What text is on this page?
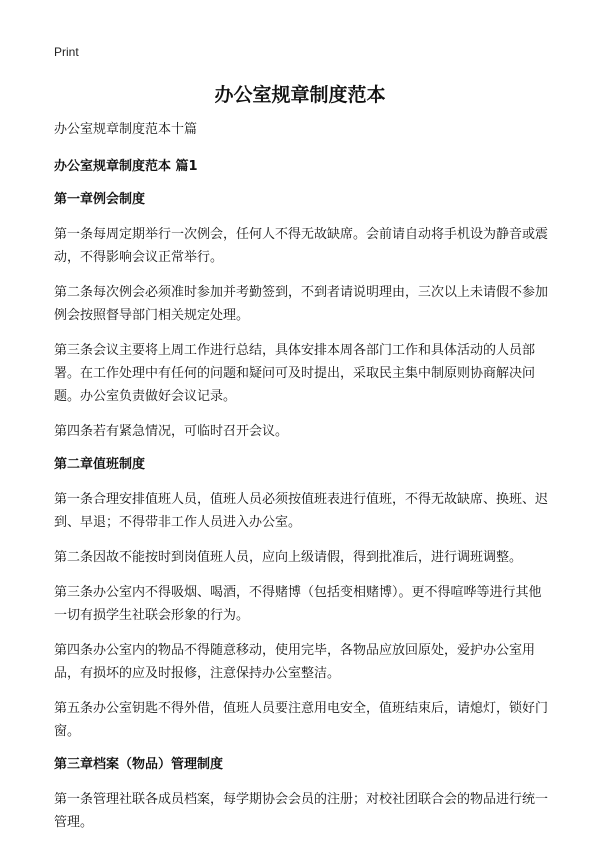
Print
办公室规章制度范本

办公室规章制度范本十篇

办公室规章制度范本 篇1

第一章例会制度

第一条每周定期举行一次例会，任何人不得无故缺席。会前请自动将手机设为静音或震动，不得影响会议正常举行。

第二条每次例会必须准时参加并考勤签到，不到者请说明理由，三次以上未请假不参加例会按照督导部门相关规定处理。

第三条会议主要将上周工作进行总结，具体安排本周各部门工作和具体活动的人员部署。在工作处理中有任何的问题和疑问可及时提出，采取民主集中制原则协商解决问题。办公室负责做好会议记录。

第四条若有紧急情况，可临时召开会议。

第二章值班制度

第一条合理安排值班人员，值班人员必须按值班表进行值班，不得无故缺席、换班、迟到、早退；不得带非工作人员进入办公室。

第二条因故不能按时到岗值班人员，应向上级请假，得到批准后，进行调班调整。

第三条办公室内不得吸烟、喝酒，不得赌博（包括变相赌博）。更不得喧哗等进行其他一切有损学生社联会形象的行为。

第四条办公室内的物品不得随意移动，使用完毕，各物品应放回原处，爱护办公室用品，有损坏的应及时报修，注意保持办公室整洁。

第五条办公室钥匙不得外借，值班人员要注意用电安全，值班结束后，请熄灯，锁好门窗。

第三章档案（物品）管理制度

第一条管理社联各成员档案，每学期协会会员的注册；对校社团联合会的物品进行统一管理。
